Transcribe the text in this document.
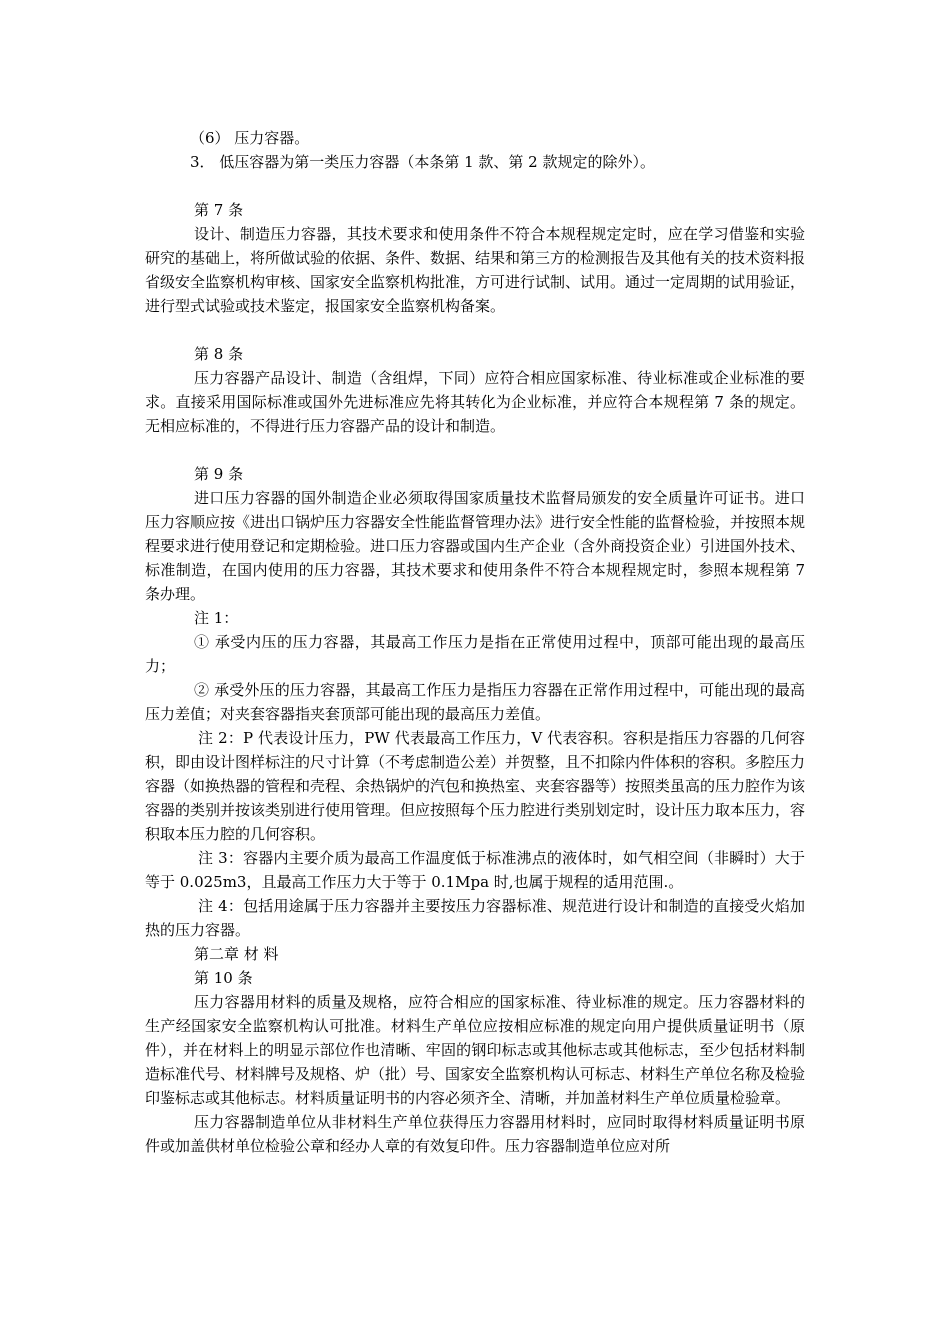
（6） 压力容器。

3． 低压容器为第一类压力容器（本条第 1 款、第 2 款规定的除外）。

第 7 条

设计、制造压力容器，其技术要求和使用条件不符合本规程规定定时，应在学习借鉴和实验研究的基础上，将所做试验的依据、条件、数据、结果和第三方的检测报告及其他有关的技术资料报省级安全监察机构审核、国家安全监察机构批准，方可进行试制、试用。通过一定周期的试用验证，进行型式试验或技术鉴定，报国家安全监察机构备案。

第 8 条

压力容器产品设计、制造（含组焊，下同）应符合相应国家标准、待业标准或企业标准的要求。直接采用国际标准或国外先进标准应先将其转化为企业标准，并应符合本规程第 7 条的规定。无相应标准的，不得进行压力容器产品的设计和制造。

第 9 条

进口压力容器的国外制造企业必须取得国家质量技术监督局颁发的安全质量许可证书。进口压力容顺应按《进出口锅炉压力容器安全性能监督管理办法》进行安全性能的监督检验，并按照本规程要求进行使用登记和定期检验。进口压力容器或国内生产企业（含外商投资企业）引进国外技术、标准制造，在国内使用的压力容器，其技术要求和使用条件不符合本规程规定时，参照本规程第 7 条办理。

注 1：

① 承受内压的压力容器，其最高工作压力是指在正常使用过程中，顶部可能出现的最高压力；

② 承受外压的压力容器，其最高工作压力是指压力容器在正常作用过程中，可能出现的最高压力差值；对夹套容器指夹套顶部可能出现的最高压力差值。

注 2：P 代表设计压力，PW 代表最高工作压力，V 代表容积。容积是指压力容器的几何容积，即由设计图样标注的尺寸计算（不考虑制造公差）并贺整，且不扣除内件体积的容积。多腔压力容器（如换热器的管程和壳程、余热锅炉的汽包和换热室、夹套容器等）按照类虽高的压力腔作为该容器的类别并按该类别进行使用管理。但应按照每个压力腔进行类别划定时，设计压力取本压力，容积取本压力腔的几何容积。

注 3：容器内主要介质为最高工作温度低于标准沸点的液体时，如气相空间（非瞬时）大于等于 0.025m3，且最高工作压力大于等于 0.1Mpa 时,也属于规程的适用范围.。

注 4：包括用途属于压力容器并主要按压力容器标准、规范进行设计和制造的直接受火焰加热的压力容器。

第二章 材 料

第 10 条

压力容器用材料的质量及规格，应符合相应的国家标准、待业标准的规定。压力容器材料的生产经国家安全监察机构认可批准。材料生产单位应按相应标准的规定向用户提供质量证明书（原件），并在材料上的明显示部位作也清晰、牢固的钢印标志或其他标志或其他标志，至少包括材料制造标准代号、材料牌号及规格、炉（批）号、国家安全监察机构认可标志、材料生产单位名称及检验印鉴标志或其他标志。材料质量证明书的内容必须齐全、清晰，并加盖材料生产单位质量检验章。

压力容器制造单位从非材料生产单位获得压力容器用材料时，应同时取得材料质量证明书原件或加盖供材单位检验公章和经办人章的有效复印件。压力容器制造单位应对所
